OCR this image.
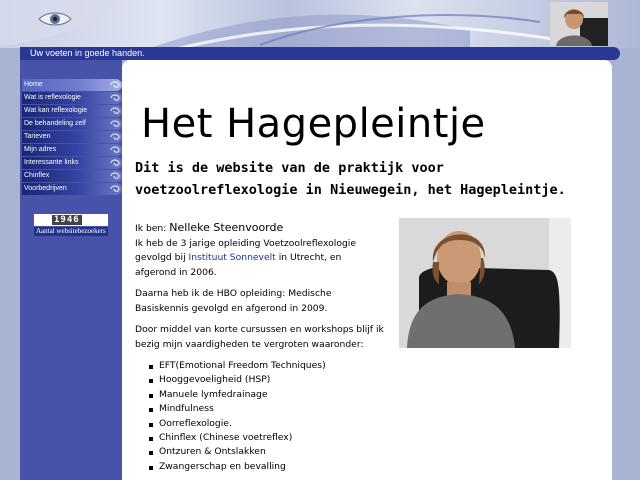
Uw voeten in goede handen.
Home
Wat is reflexologie
Wat kan reflexologie
De behandeling zelf
Tarieven
Mijn adres
Interessante links
Chinflex
Voorbedrijven
1946
Aantal websitebezoekers
Het Hagepleintje

Dit is de website van de praktijk voor voetzoolreflexologie in Nieuwegein, het Hagepleintje.

Ik ben: Nelleke Steenvoorde

Ik heb de 3 jarige opleiding Voetzoolreflexologie gevolgd bij Instituut Sonnevelt in Utrecht, en afgerond in 2006.

Daarna heb ik de HBO opleiding: Medische Basiskennis gevolgd en afgerond in 2009.

Door middel van korte cursussen en workshops blijf ik bezig mijn vaardigheden te vergroten waaronder:

EFT(Emotional Freedom Techniques)
Hooggevoeligheid (HSP)
Manuele lymfedrainage
Mindfulness
Oorreflexologie.
Chinflex (Chinese voetreflex)
Ontzuren & Ontslakken
Zwangerschap en bevalling
